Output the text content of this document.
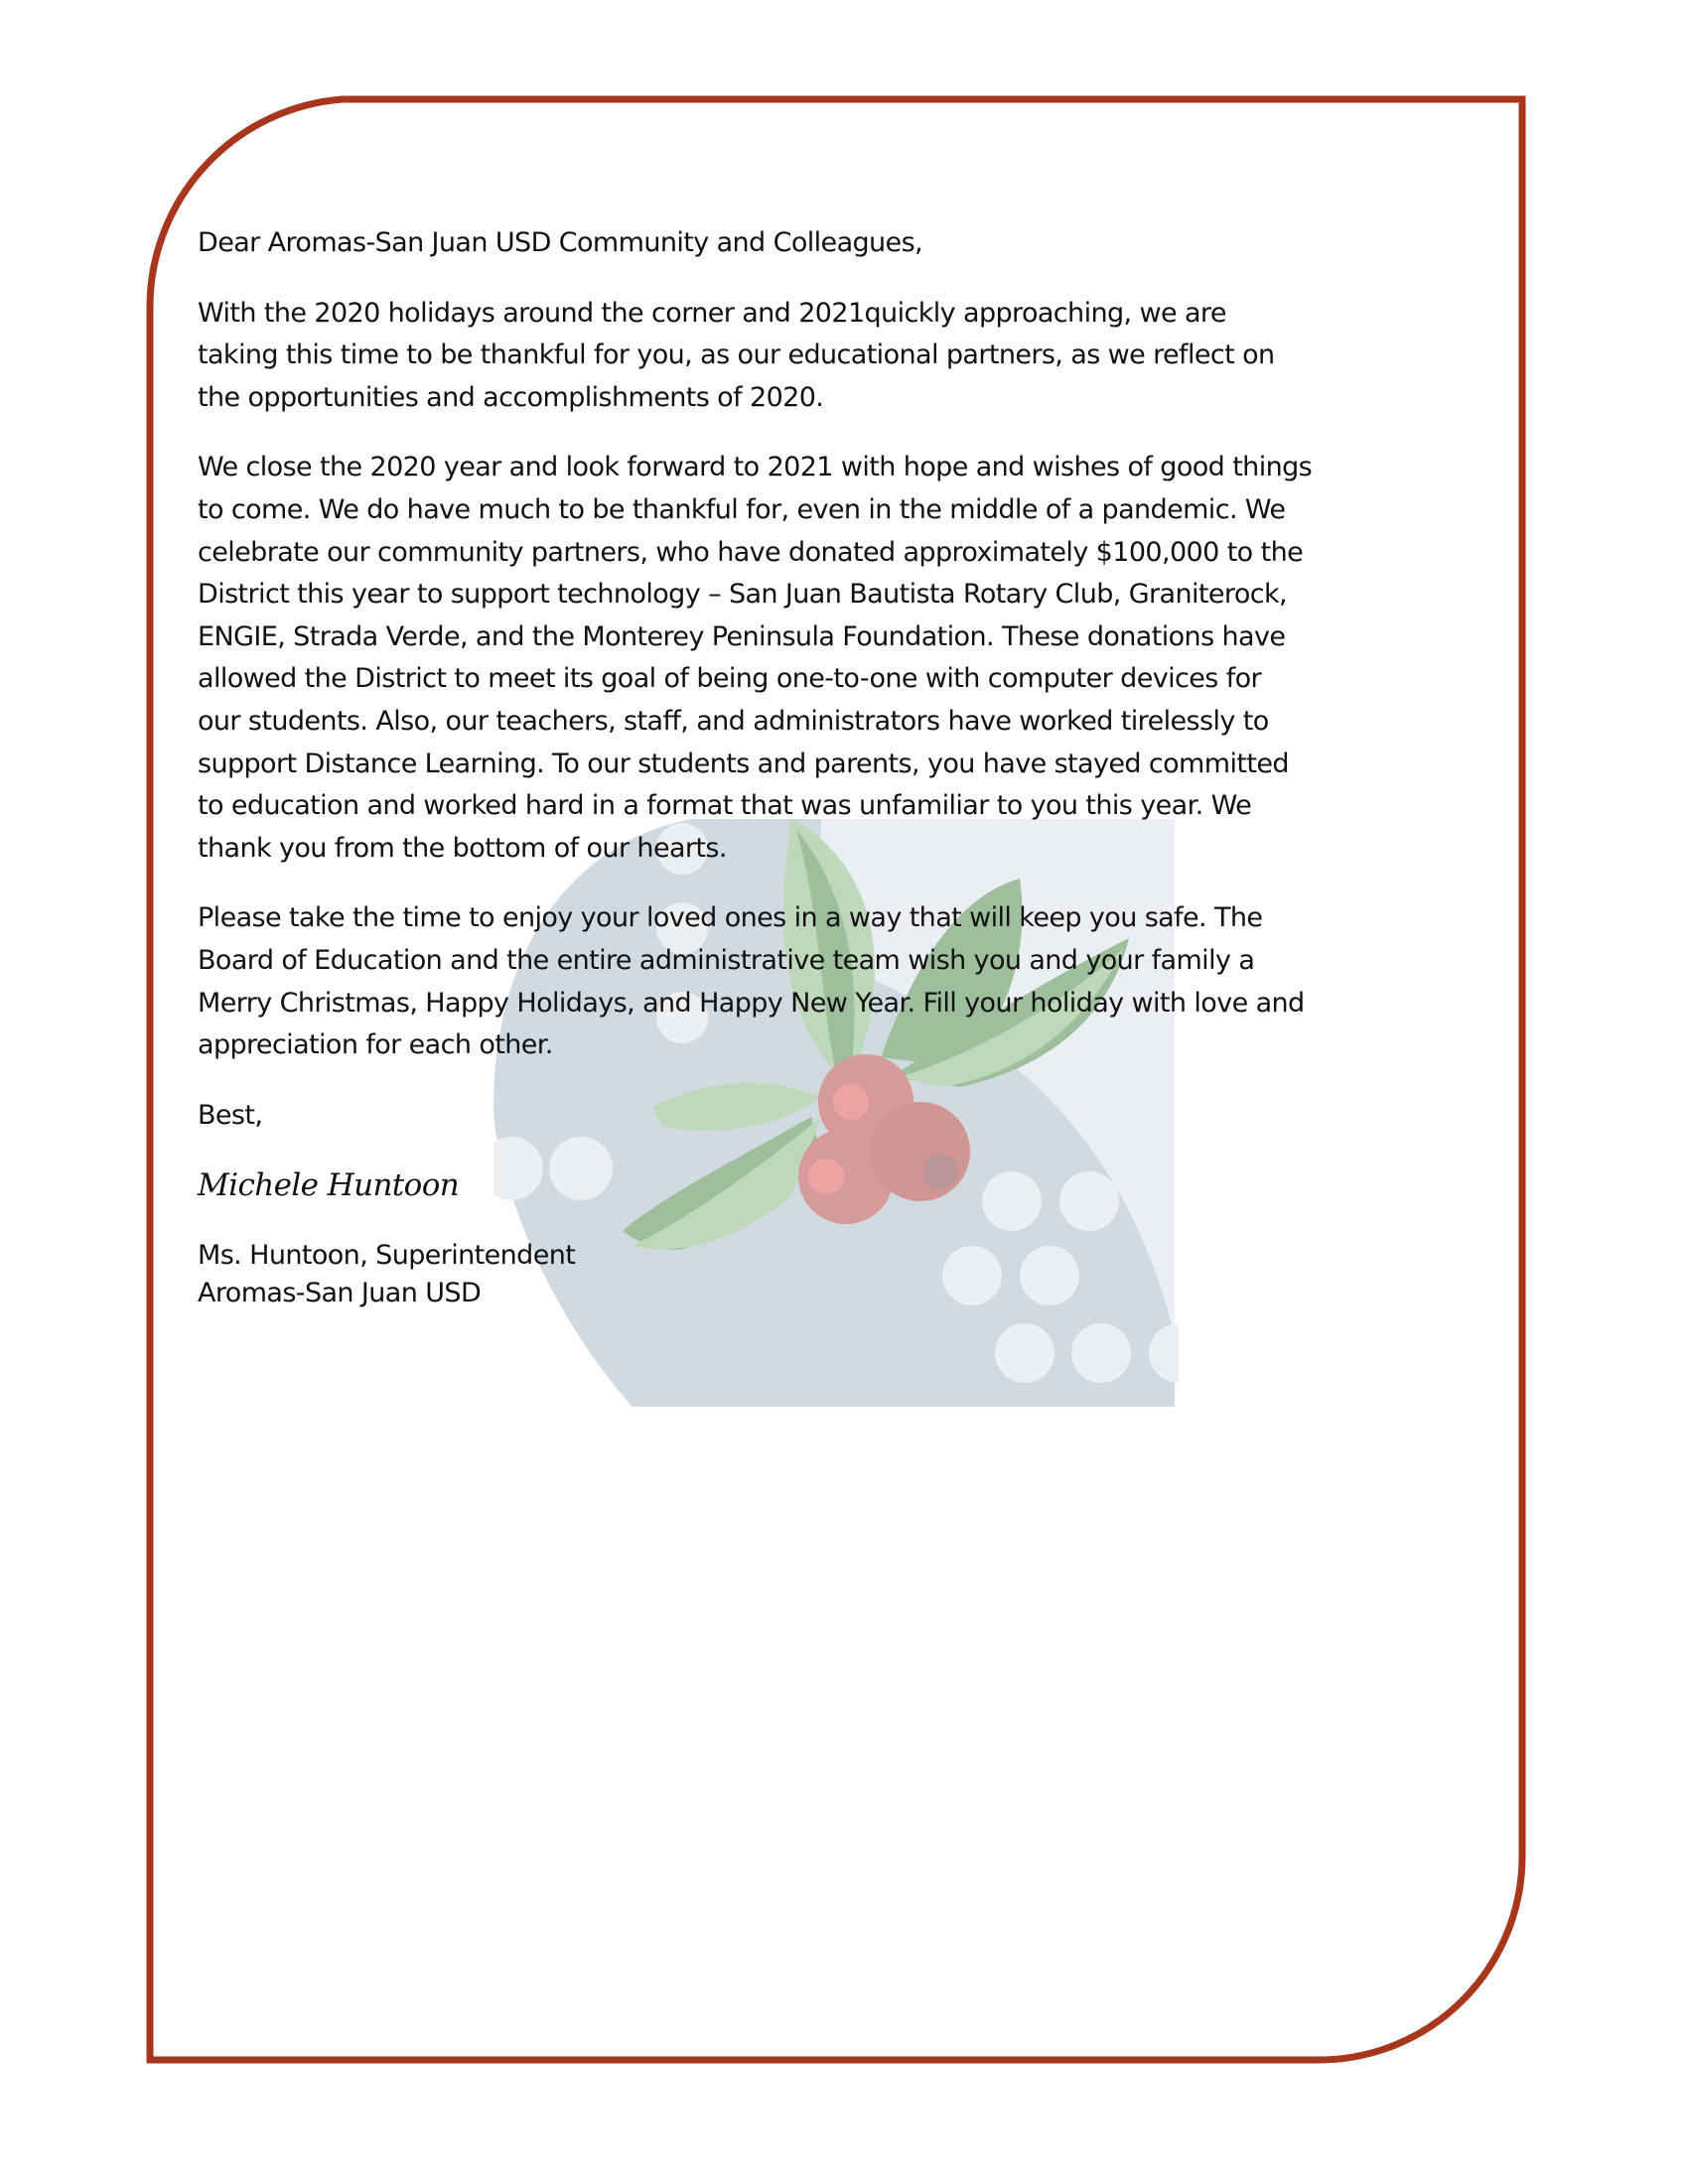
Dear Aromas-San Juan USD Community and Colleagues,

With the 2020 holidays around the corner and 2021quickly approaching, we are
taking this time to be thankful for you, as our educational partners, as we reflect on
the opportunities and accomplishments of 2020.

We close the 2020 year and look forward to 2021 with hope and wishes of good things
to come. We do have much to be thankful for, even in the middle of a pandemic. We
celebrate our community partners, who have donated approximately $100,000 to the
District this year to support technology – San Juan Bautista Rotary Club, Graniterock,
ENGIE, Strada Verde, and the Monterey Peninsula Foundation. These donations have
allowed the District to meet its goal of being one-to-one with computer devices for
our students. Also, our teachers, staff, and administrators have worked tirelessly to
support Distance Learning. To our students and parents, you have stayed committed
to education and worked hard in a format that was unfamiliar to you this year. We
thank you from the bottom of our hearts.

Please take the time to enjoy your loved ones in a way that will keep you safe. The
Board of Education and the entire administrative team wish you and your family a
Merry Christmas, Happy Holidays, and Happy New Year. Fill your holiday with love and
appreciation for each other.

Best,

Michele Huntoon

Ms. Huntoon, Superintendent
Aromas-San Juan USD
